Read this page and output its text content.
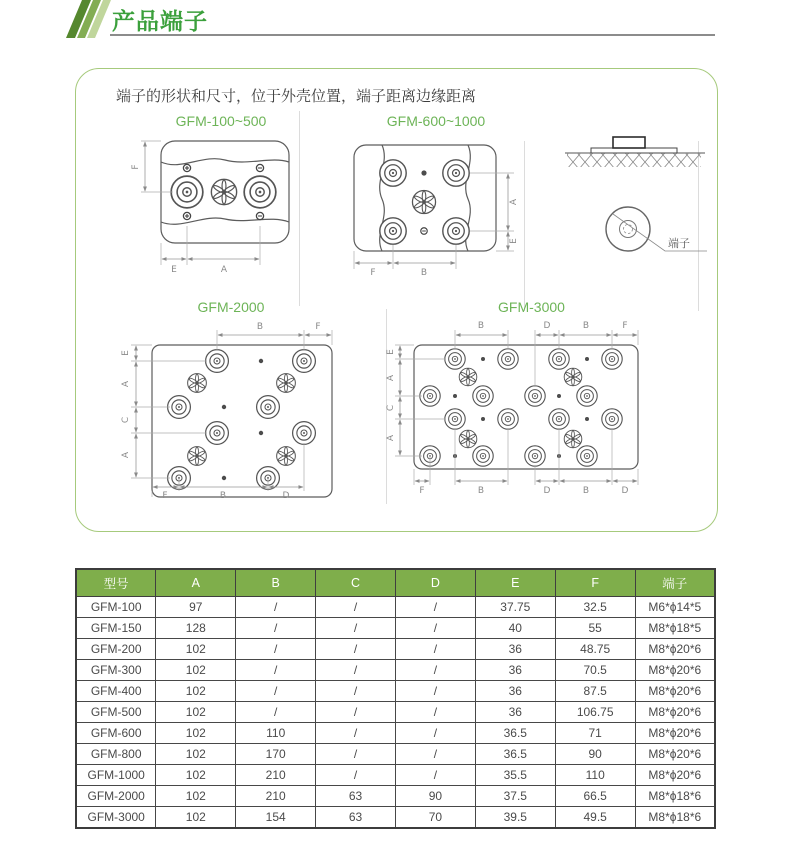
产品端子
端子的形状和尺寸，位于外壳位置，端子距离边缘距离
GFM-100~500
F
E	A
GFM-600~1000
A
E
F	B
端子
GFM-2000
B	F
E
A
C
A
F	B	D
GFM-3000
B	D	B	F
E
A
C
A
F	B	D	B	D
型号	A	B	C	D	E	F	端子
GFM-100	97	/	/	/	37.75	32.5	M6*ϕ14*5
GFM-150	128	/	/	/	40	55	M8*ϕ18*5
GFM-200	102	/	/	/	36	48.75	M8*ϕ20*6
GFM-300	102	/	/	/	36	70.5	M8*ϕ20*6
GFM-400	102	/	/	/	36	87.5	M8*ϕ20*6
GFM-500	102	/	/	/	36	106.75	M8*ϕ20*6
GFM-600	102	110	/	/	36.5	71	M8*ϕ20*6
GFM-800	102	170	/	/	36.5	90	M8*ϕ20*6
GFM-1000	102	210	/	/	35.5	110	M8*ϕ20*6
GFM-2000	102	210	63	90	37.5	66.5	M8*ϕ18*6
GFM-3000	102	154	63	70	39.5	49.5	M8*ϕ18*6
